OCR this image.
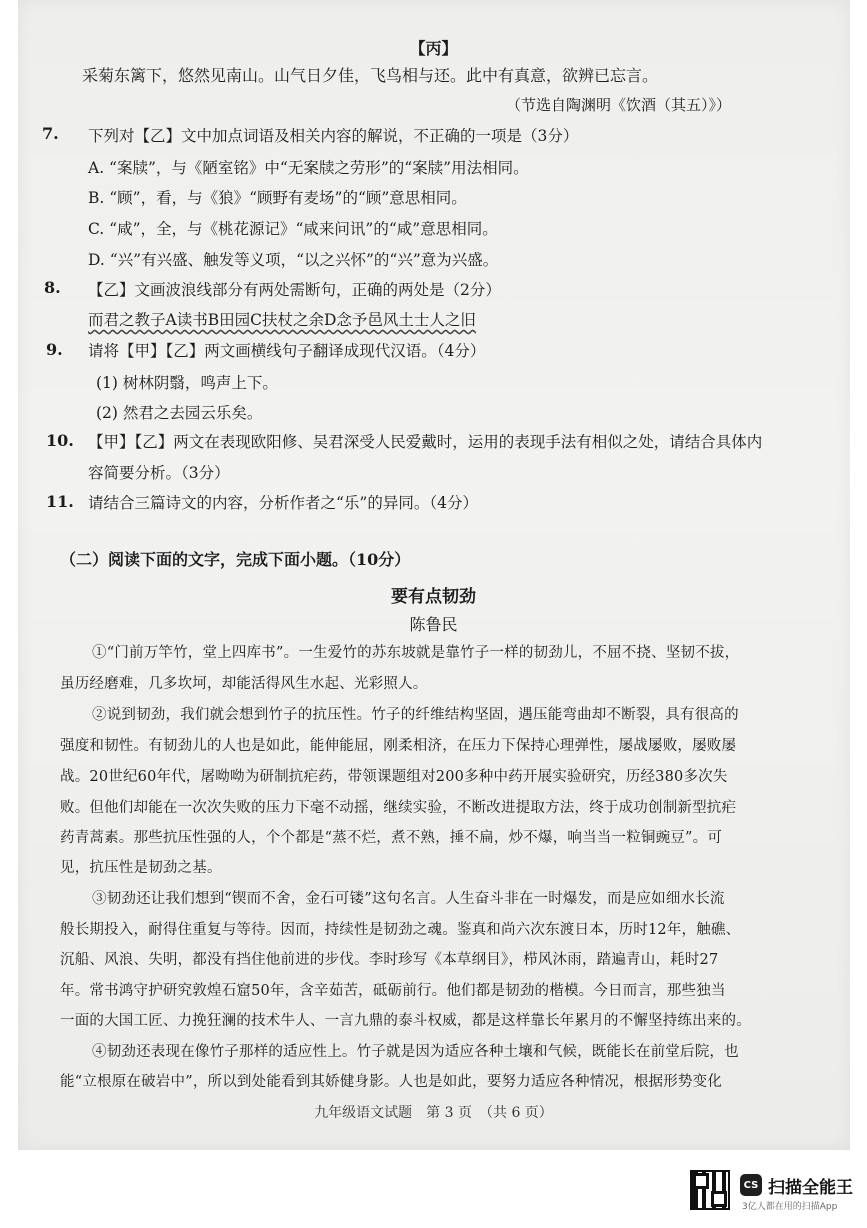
【丙】
采菊东篱下，悠然见南山。山气日夕佳，飞鸟相与还。此中有真意，欲辨已忘言。
（节选自陶渊明《饮酒（其五）》）
7. 下列对【乙】文中加点词语及相关内容的解说，不正确的一项是（3分）
A. “案牍”，与《陋室铭》中“无案牍之劳形”的“案牍”用法相同。
B. “顾”，看，与《狼》“顾野有麦场”的“顾”意思相同。
C. “咸”，全，与《桃花源记》“咸来问讯”的“咸”意思相同。
D. “兴”有兴盛、触发等义项，“以之兴怀”的“兴”意为兴盛。
8. 【乙】文画波浪线部分有两处需断句，正确的两处是（2分）
而君之教子A读书B田园C扶杖之余D念予邑风土士人之旧
9. 请将【甲】【乙】两文画横线句子翻译成现代汉语。（4分）
(1) 树林阴翳，鸣声上下。
(2) 然君之去园云乐矣。
10. 【甲】【乙】两文在表现欧阳修、吴君深受人民爱戴时，运用的表现手法有相似之处，请结合具体内
容简要分析。（3分）
11. 请结合三篇诗文的内容，分析作者之“乐”的异同。（4分）
（二）阅读下面的文字，完成下面小题。（10分）
要有点韧劲
陈鲁民
①“门前万竿竹，堂上四库书”。一生爱竹的苏东坡就是靠竹子一样的韧劲儿，不屈不挠、坚韧不拔，
虽历经磨难，几多坎坷，却能活得风生水起、光彩照人。
②说到韧劲，我们就会想到竹子的抗压性。竹子的纤维结构坚固，遇压能弯曲却不断裂，具有很高的
强度和韧性。有韧劲儿的人也是如此，能伸能屈，刚柔相济，在压力下保持心理弹性，屡战屡败，屡败屡
战。20世纪60年代，屠呦呦为研制抗疟药，带领课题组对200多种中药开展实验研究，历经380多次失
败。但他们却能在一次次失败的压力下毫不动摇，继续实验，不断改进提取方法，终于成功创制新型抗疟
药青蒿素。那些抗压性强的人，个个都是“蒸不烂，煮不熟，捶不扁，炒不爆，响当当一粒铜豌豆”。可
见，抗压性是韧劲之基。
③韧劲还让我们想到“锲而不舍，金石可镂”这句名言。人生奋斗非在一时爆发，而是应如细水长流
般长期投入，耐得住重复与等待。因而，持续性是韧劲之魂。鉴真和尚六次东渡日本，历时12年，触礁、
沉船、风浪、失明，都没有挡住他前进的步伐。李时珍写《本草纲目》，栉风沐雨，踏遍青山，耗时27
年。常书鸿守护研究敦煌石窟50年，含辛茹苦，砥砺前行。他们都是韧劲的楷模。今日而言，那些独当
一面的大国工匠、力挽狂澜的技术牛人、一言九鼎的泰斗权威，都是这样靠长年累月的不懈坚持练出来的。
④韧劲还表现在像竹子那样的适应性上。竹子就是因为适应各种土壤和气候，既能长在前堂后院，也
能“立根原在破岩中”，所以到处能看到其娇健身影。人也是如此，要努力适应各种情况，根据形势变化
九年级语文试题　第 3 页　（共 6 页）
CS 扫描全能王
3亿人都在用的扫描App
